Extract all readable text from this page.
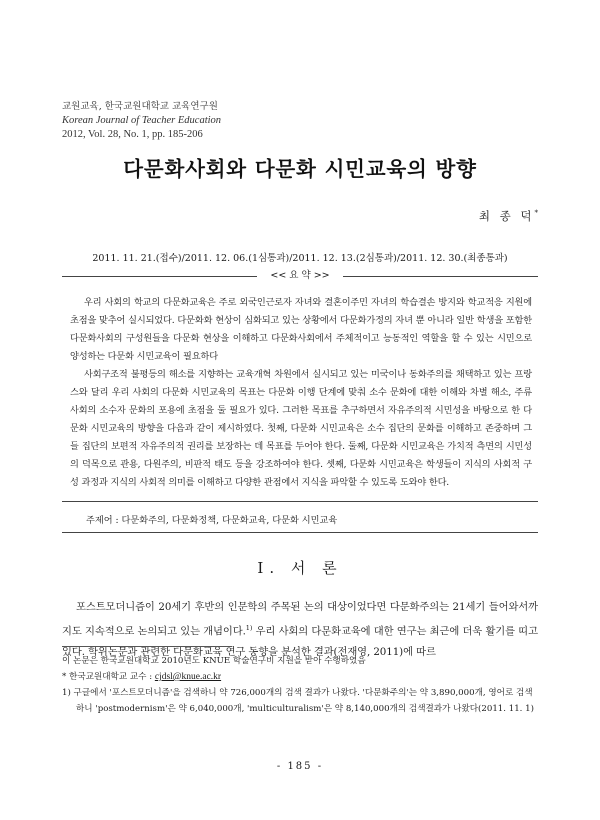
교원교육, 한국교원대학교 교육연구원
Korean Journal of Teacher Education
2012, Vol. 28, No. 1, pp. 185-206
다문화사회와 다문화 시민교육의 방향
최 종 덕*
2011. 11. 21.(접수)/2011. 12. 06.(1심통과)/2011. 12. 13.(2심통과)/2011. 12. 30.(최종통과)
<< 요 약 >>

우리 사회의 학교의 다문화교육은 주로 외국인근로자 자녀와 결혼이주민 자녀의 학습결손 방지와 학교적응 지원에 초점을 맞추어 실시되었다. 다문화화 현상이 심화되고 있는 상황에서 다문화가정의 자녀 뿐 아니라 일반 학생을 포함한 다문화사회의 구성원들을 다문화 현상을 이해하고 다문화사회에서 주체적이고 능동적인 역할을 할 수 있는 시민으로 양성하는 다문화 시민교육이 필요하다

사회구조적 불평등의 해소를 지향하는 교육개혁 차원에서 실시되고 있는 미국이나 동화주의를 채택하고 있는 프랑스와 달리 우리 사회의 다문화 시민교육의 목표는 다문화 이행 단계에 맞춰 소수 문화에 대한 이해와 차별 해소, 주류 사회의 소수자 문화의 포용에 초점을 둘 필요가 있다. 그러한 목표를 추구하면서 자유주의적 시민성을 바탕으로 한 다문화 시민교육의 방향을 다음과 같이 제시하였다. 첫째, 다문화 시민교육은 소수 집단의 문화를 이해하고 존중하며 그들 집단의 보편적 자유주의적 권리를 보장하는 데 목표를 두어야 한다. 둘째, 다문화 시민교육은 가치적 측면의 시민성의 덕목으로 관용, 다원주의, 비판적 태도 등을 강조하여야 한다. 셋째, 다문화 시민교육은 학생들이 지식의 사회적 구성 과정과 지식의 사회적 의미를 이해하고 다양한 관점에서 지식을 파악할 수 있도록 도와야 한다.

주제어 : 다문화주의, 다문화정책, 다문화교육, 다문화 시민교육
Ⅰ. 서 론

포스트모더니즘이 20세기 후반의 인문학의 주목된 논의 대상이었다면 다문화주의는 21세기 들어와서까지도 지속적으로 논의되고 있는 개념이다.$^{1)}$ 우리 사회의 다문화교육에 대한 연구는 최근에 더욱 활기를 띠고 있다. 학위논문과 관련한 다문화교육 연구 동향을 분석한 결과(전재영, 2011)에 따르

이 논문은 한국교원대학교 2010년도 KNUE 학술연구비 지원을 받아 수행하였음
* 한국교원대학교 교수 : cjdsl@knue.ac.kr
1) 구글에서 '포스트모더니즘'을 검색하니 약 726,000개의 검색 결과가 나왔다. '다문화주의'는 약 3,890,000개, 영어로 검색하니 'postmodernism'은 약 6,040,000개, 'multiculturalism'은 약 8,140,000개의 검색결과가 나왔다(2011. 11. 1)
- 185 -
